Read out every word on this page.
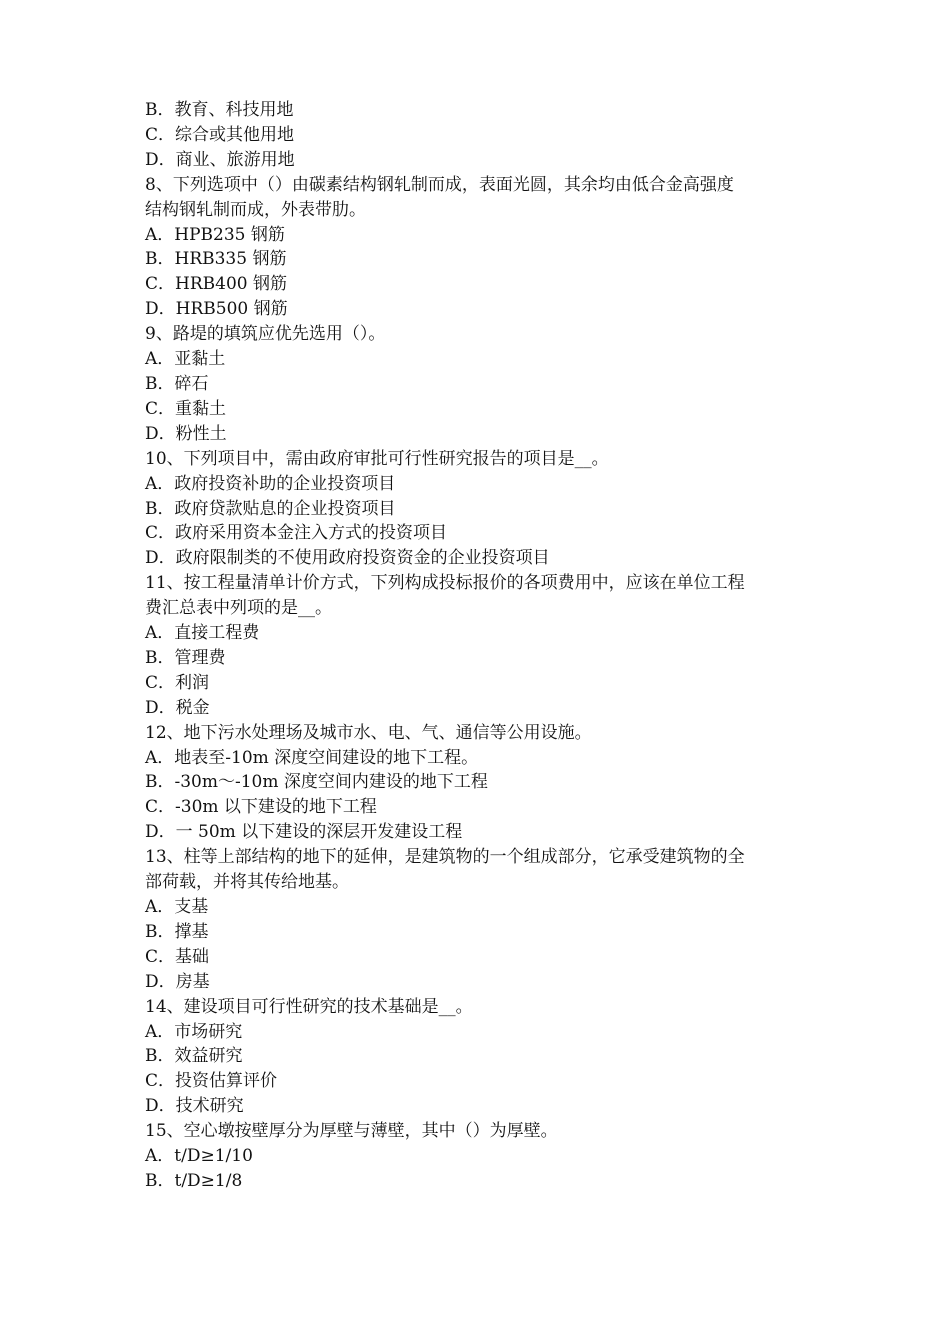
B．教育、科技用地
C．综合或其他用地
D．商业、旅游用地
8、下列选项中（）由碳素结构钢轧制而成，表面光圆，其余均由低合金高强度
结构钢轧制而成，外表带肋。
A．HPB235 钢筋
B．HRB335 钢筋
C．HRB400 钢筋
D．HRB500 钢筋
9、路堤的填筑应优先选用（）。
A．亚黏土
B．碎石
C．重黏土
D．粉性土
10、下列项目中，需由政府审批可行性研究报告的项目是__。
A．政府投资补助的企业投资项目
B．政府贷款贴息的企业投资项目
C．政府采用资本金注入方式的投资项目
D．政府限制类的不使用政府投资资金的企业投资项目
11、按工程量清单计价方式，下列构成投标报价的各项费用中，应该在单位工程
费汇总表中列项的是__。
A．直接工程费
B．管理费
C．利润
D．税金
12、地下污水处理场及城市水、电、气、通信等公用设施。
A．地表至-10m 深度空间建设的地下工程。
B．-30m～-10m 深度空间内建设的地下工程
C．-30m 以下建设的地下工程
D．一 50m 以下建设的深层开发建设工程
13、柱等上部结构的地下的延伸，是建筑物的一个组成部分，它承受建筑物的全
部荷载，并将其传给地基。
A．支基
B．撑基
C．基础
D．房基
14、建设项目可行性研究的技术基础是__。
A．市场研究
B．效益研究
C．投资估算评价
D．技术研究
15、空心墩按壁厚分为厚壁与薄壁，其中（）为厚壁。
A．t/D≥1/10
B．t/D≥1/8
